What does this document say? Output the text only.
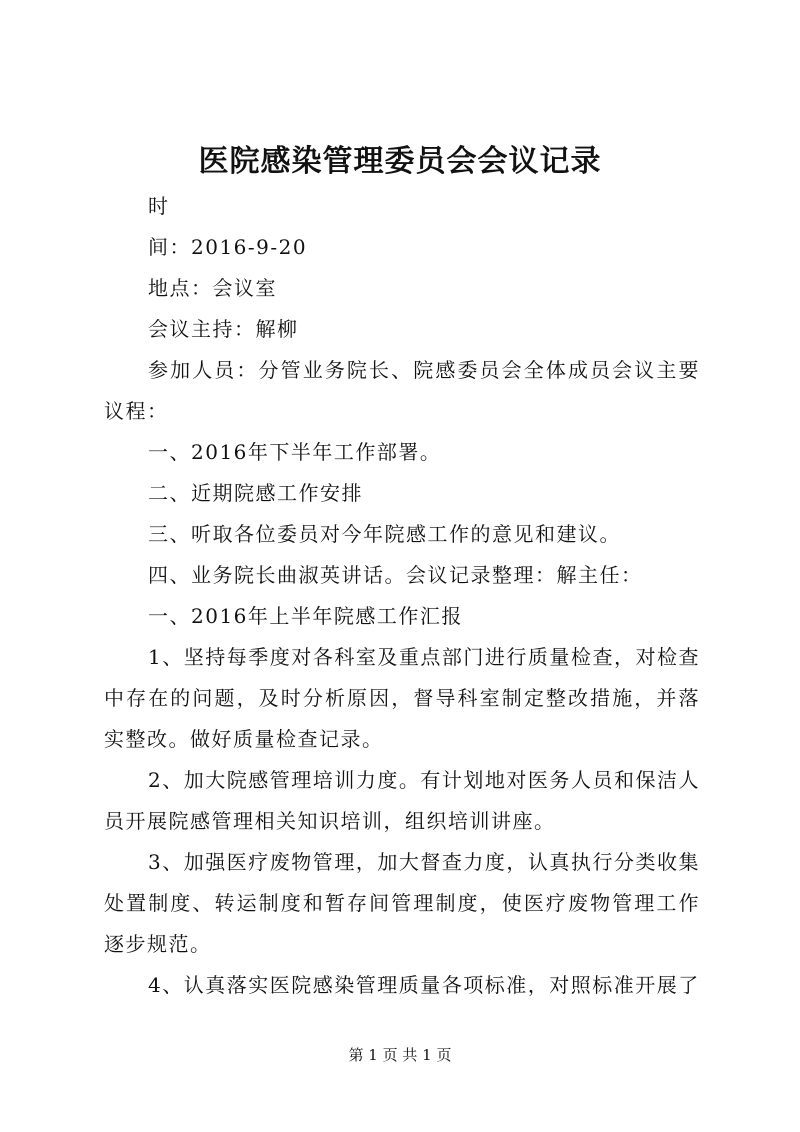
医院感染管理委员会会议记录
时
间：2016-9-20
地点：会议室
会议主持：解柳
参加人员：分管业务院长、院感委员会全体成员会议主要议程：
一、2016年下半年工作部署。
二、近期院感工作安排
三、听取各位委员对今年院感工作的意见和建议。
四、业务院长曲淑英讲话。会议记录整理：解主任：
一、2016年上半年院感工作汇报
1、坚持每季度对各科室及重点部门进行质量检查，对检查中存在的问题，及时分析原因，督导科室制定整改措施，并落实整改。做好质量检查记录。
2、加大院感管理培训力度。有计划地对医务人员和保洁人员开展院感管理相关知识培训，组织培训讲座。
3、加强医疗废物管理，加大督查力度，认真执行分类收集处置制度、转运制度和暂存间管理制度，使医疗废物管理工作逐步规范。
4、认真落实医院感染管理质量各项标准，对照标准开展了
第 1 页 共 1 页
